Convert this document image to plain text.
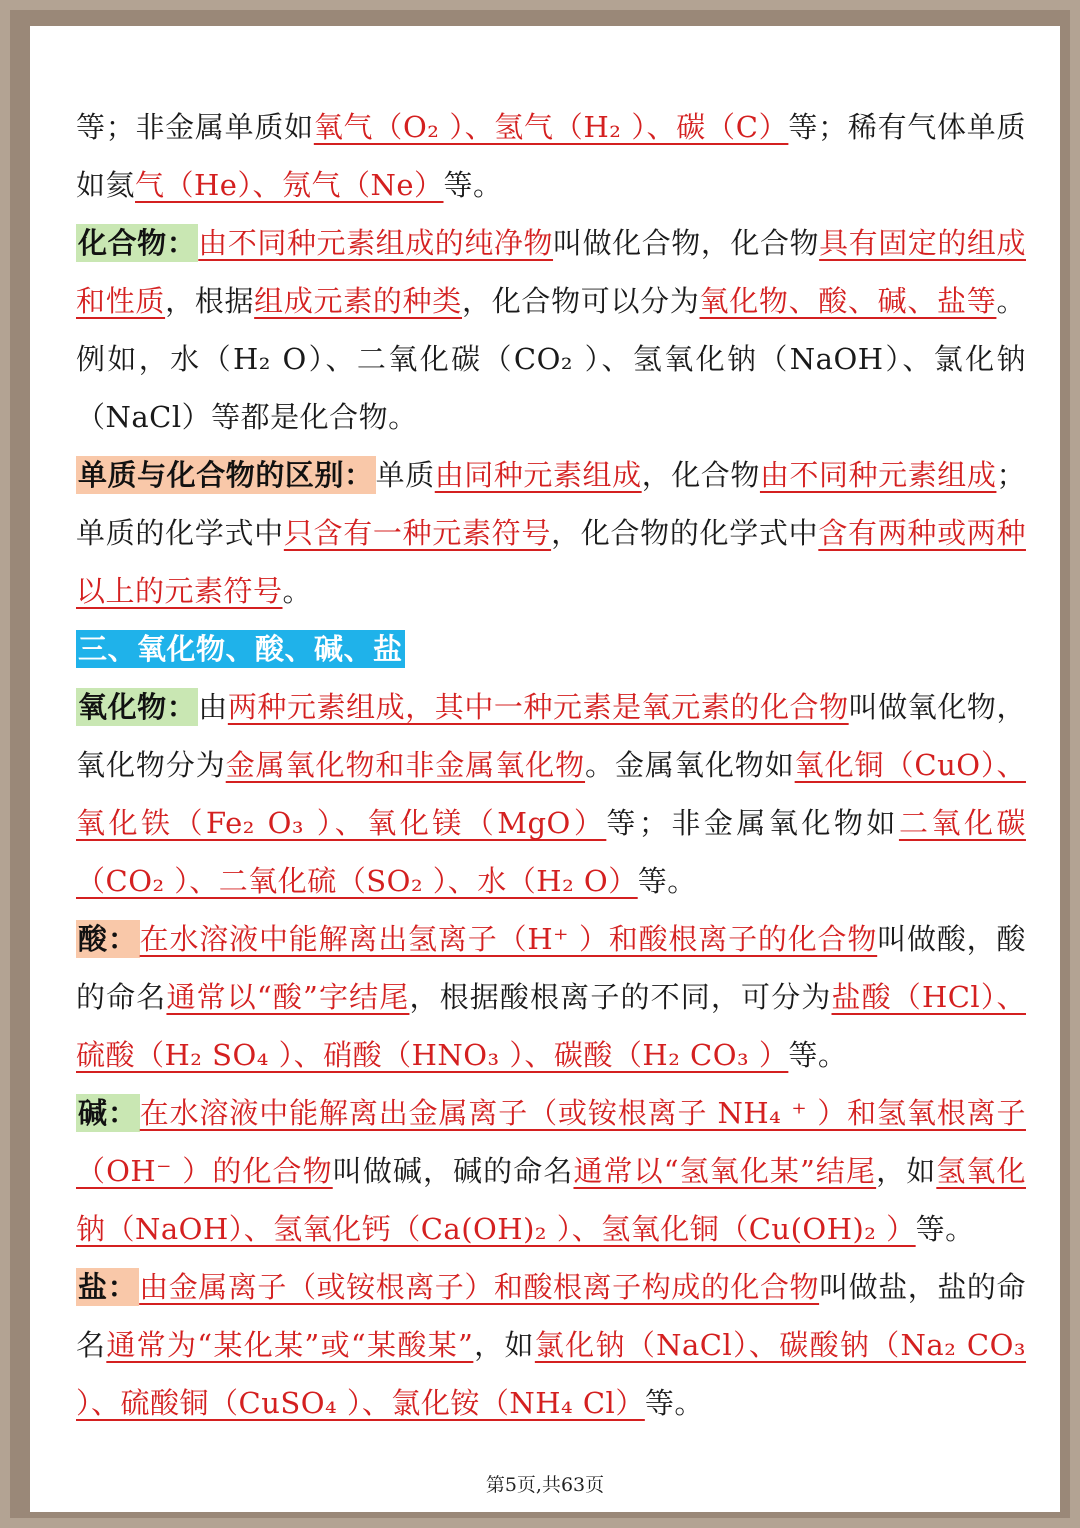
等；非金属单质如氧气（O₂ ）、氢气（H₂ ）、碳（C）等；稀有气体单质如氦气（He）、氖气（Ne）等。

化合物：由不同种元素组成的纯净物叫做化合物，化合物具有固定的组成和性质，根据组成元素的种类，化合物可以分为氧化物、酸、碱、盐等。例如，水（H₂ O）、二氧化碳（CO₂ ）、氢氧化钠（NaOH）、氯化钠（NaCl）等都是化合物。

单质与化合物的区别：单质由同种元素组成，化合物由不同种元素组成；单质的化学式中只含有一种元素符号，化合物的化学式中含有两种或两种以上的元素符号。

三、氧化物、酸、碱、盐

氧化物：由两种元素组成，其中一种元素是氧元素的化合物叫做氧化物，氧化物分为金属氧化物和非金属氧化物。金属氧化物如氧化铜（CuO）、氧化铁（Fe₂ O₃ ）、氧化镁（MgO）等；非金属氧化物如二氧化碳（CO₂ ）、二氧化硫（SO₂ ）、水（H₂ O）等。

酸：在水溶液中能解离出氢离子（H⁺ ）和酸根离子的化合物叫做酸，酸的命名通常以“酸”字结尾，根据酸根离子的不同，可分为盐酸（HCl）、硫酸（H₂ SO₄ ）、硝酸（HNO₃ ）、碳酸（H₂ CO₃ ）等。

碱：在水溶液中能解离出金属离子（或铵根离子 NH₄ ⁺ ）和氢氧根离子（OH⁻ ）的化合物叫做碱，碱的命名通常以“氢氧化某”结尾，如氢氧化钠（NaOH）、氢氧化钙（Ca(OH)₂ ）、氢氧化铜（Cu(OH)₂ ）等。

盐：由金属离子（或铵根离子）和酸根离子构成的化合物叫做盐，盐的命名通常为“某化某”或“某酸某”，如氯化钠（NaCl）、碳酸钠（Na₂ CO₃ ）、硫酸铜（CuSO₄ ）、氯化铵（NH₄ Cl）等。

第5页,共63页
